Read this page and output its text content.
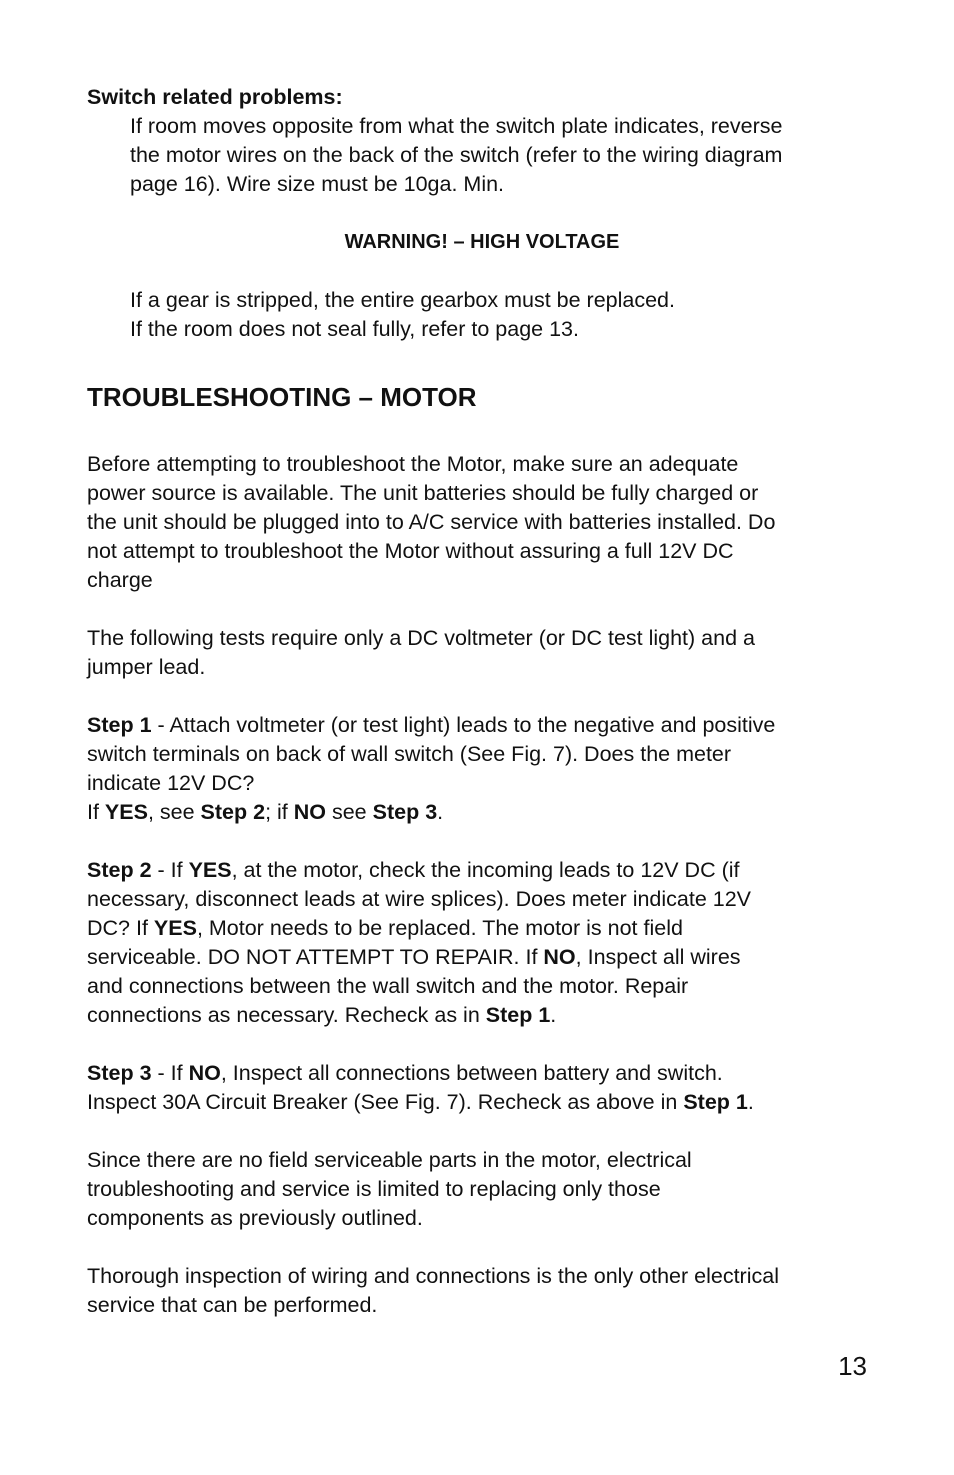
Switch related problems:

If room moves opposite from what the switch plate indicates, reverse
the motor wires on the back of the switch (refer to the wiring diagram
page 16). Wire size must be 10ga. Min.

WARNING! – HIGH VOLTAGE

If a gear is stripped, the entire gearbox must be replaced.
If the room does not seal fully, refer to page 13.
TROUBLESHOOTING – MOTOR
Before attempting to troubleshoot the Motor, make sure an adequate
power source is available. The unit batteries should be fully charged or
the unit should be plugged into to A/C service with batteries installed. Do
not attempt to troubleshoot the Motor without assuring a full 12V DC
charge
The following tests require only a DC voltmeter (or DC test light) and a
jumper lead.
Step 1 - Attach voltmeter (or test light) leads to the negative and positive
switch terminals on back of wall switch (See Fig. 7). Does the meter
indicate 12V DC?
If YES, see Step 2; if NO see Step 3.
Step 2 - If YES, at the motor, check the incoming leads to 12V DC (if
necessary, disconnect leads at wire splices). Does meter indicate 12V
DC? If YES, Motor needs to be replaced. The motor is not field
serviceable. DO NOT ATTEMPT TO REPAIR. If NO, Inspect all wires
and connections between the wall switch and the motor. Repair
connections as necessary. Recheck as in Step 1.
Step 3 - If NO, Inspect all connections between battery and switch.
Inspect 30A Circuit Breaker (See Fig. 7). Recheck as above in Step 1.
Since there are no field serviceable parts in the motor, electrical
troubleshooting and service is limited to replacing only those
components as previously outlined.
Thorough inspection of wiring and connections is the only other electrical
service that can be performed.
13
